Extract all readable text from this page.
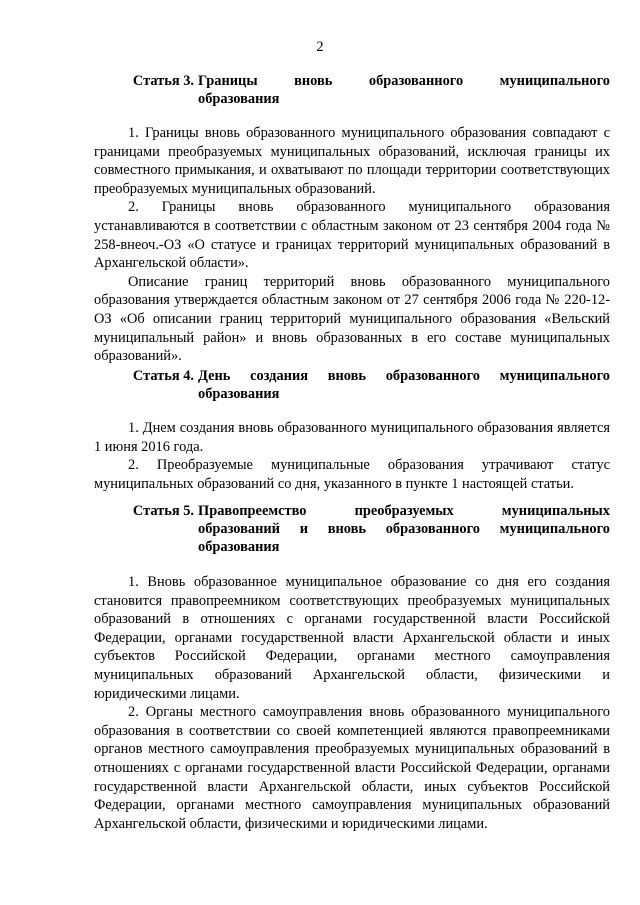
2
Статья 3. Границы вновь образованного муниципального
образования

1. Границы вновь образованного муниципального образования совпадают с границами преобразуемых муниципальных образований, исключая границы их совместного примыкания, и охватывают по площади территории соответствующих преобразуемых муниципальных образований.

2. Границы вновь образованного муниципального образования устанавливаются в соответствии с областным законом от 23 сентября 2004 года № 258-внеоч.-ОЗ «О статусе и границах территорий муниципальных образований в Архангельской области».

Описание границ территорий вновь образованного муниципального образования утверждается областным законом от 27 сентября 2006 года № 220-12-ОЗ «Об описании границ территорий муниципального образования «Вельский муниципальный район» и вновь образованных в его составе муниципальных образований».

Статья 4. День создания вновь образованного муниципального
образования

1. Днем создания вновь образованного муниципального образования является 1 июня 2016 года.

2. Преобразуемые муниципальные образования утрачивают статус муниципальных образований со дня, указанного в пункте 1 настоящей статьи.

Статья 5. Правопреемство преобразуемых муниципальных
образований и вновь образованного муниципального
образования

1. Вновь образованное муниципальное образование со дня его создания становится правопреемником соответствующих преобразуемых муниципальных образований в отношениях с органами государственной власти Российской Федерации, органами государственной власти Архангельской области и иных субъектов Российской Федерации, органами местного самоуправления муниципальных образований Архангельской области, физическими и юридическими лицами.

2. Органы местного самоуправления вновь образованного муниципального образования в соответствии со своей компетенцией являются правопреемниками органов местного самоуправления преобразуемых муниципальных образований в отношениях с органами государственной власти Российской Федерации, органами государственной власти Архангельской области, иных субъектов Российской Федерации, органами местного самоуправления муниципальных образований Архангельской области, физическими и юридическими лицами.
